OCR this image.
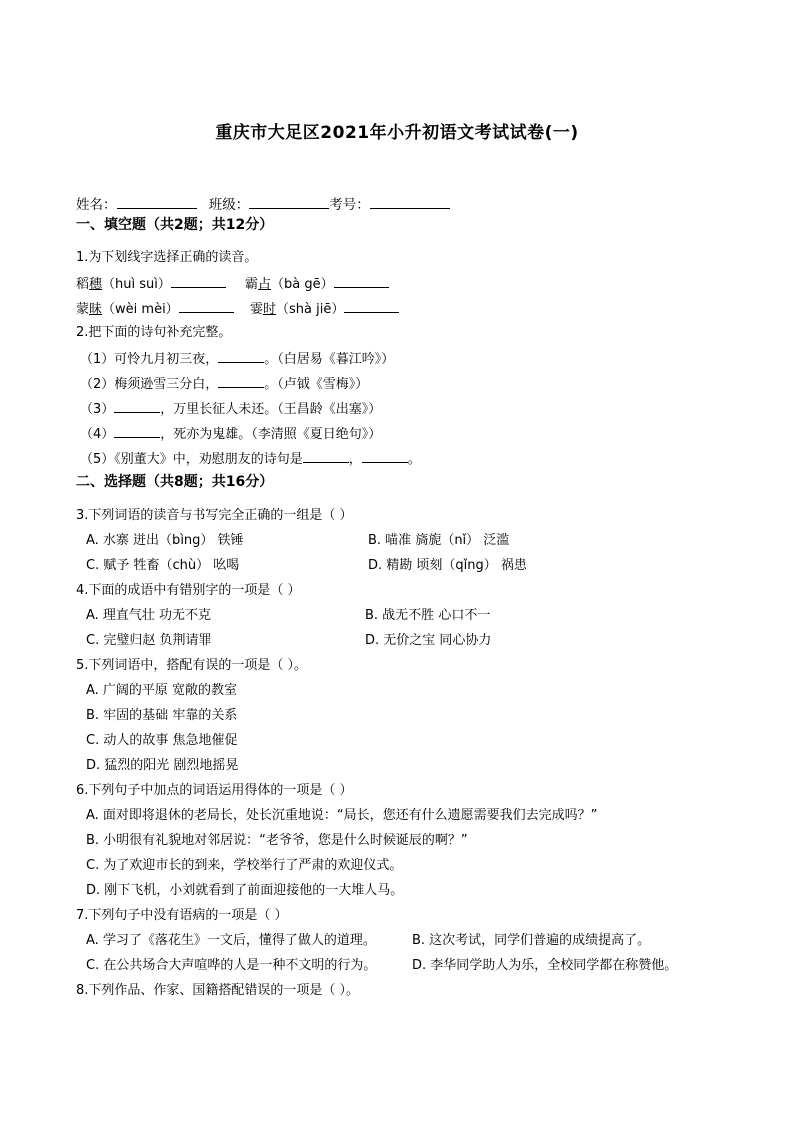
重庆市大足区2021年小升初语文考试试卷(一)
姓名：	班级：	考号：
一、填空题（共2题；共12分）
1.为下划线字选择正确的读音。
稻穗（huì suì）	霸占（bà gē）
蒙昧（wèi mèi）	霎时（shà jiē）
2.把下面的诗句补充完整。
（1）可怜九月初三夜，	。（白居易《暮江吟》）
（2）梅须逊雪三分白，	。（卢钺《雪梅》）
（3）	，万里长征人未还。（王昌龄《出塞》）
（4）	，死亦为鬼雄。（李清照《夏日绝句》）
（5）《别董大》中，劝慰朋友的诗句是	，	。
二、选择题（共8题；共16分）
3.下列词语的读音与书写完全正确的一组是（ ）
A. 水寨 迸出（bìng） 铁锤	B. 喵准 旖旎（nǐ） 泛滥
C. 赋予 牲畜（chù） 吆喝	D. 精勘 顷刻（qǐng） 祸患
4.下面的成语中有错别字的一项是（ ）
A. 理直气壮 功无不克	B. 战无不胜 心口不一
C. 完璧归赵 负荆请罪	D. 无价之宝 同心协力
5.下列词语中，搭配有误的一项是（ ）。
A. 广阔的平原 宽敞的教室
B. 牢固的基础 牢靠的关系
C. 动人的故事 焦急地催促
D. 猛烈的阳光 剧烈地摇晃
6.下列句子中加点的词语运用得体的一项是（ ）
A. 面对即将退休的老局长，处长沉重地说：“局长，您还有什么遗愿需要我们去完成吗？”
B. 小明很有礼貌地对邻居说：“老爷爷，您是什么时候诞辰的啊？”
C. 为了欢迎市长的到来，学校举行了严肃的欢迎仪式。
D. 刚下飞机，小刘就看到了前面迎接他的一大堆人马。
7.下列句子中没有语病的一项是（ ）
A. 学习了《落花生》一文后，懂得了做人的道理。	B. 这次考试，同学们普遍的成绩提高了。
C. 在公共场合大声喧哗的人是一种不文明的行为。	D. 李华同学助人为乐，全校同学都在称赞他。
8.下列作品、作家、国籍搭配错误的一项是（ ）。
